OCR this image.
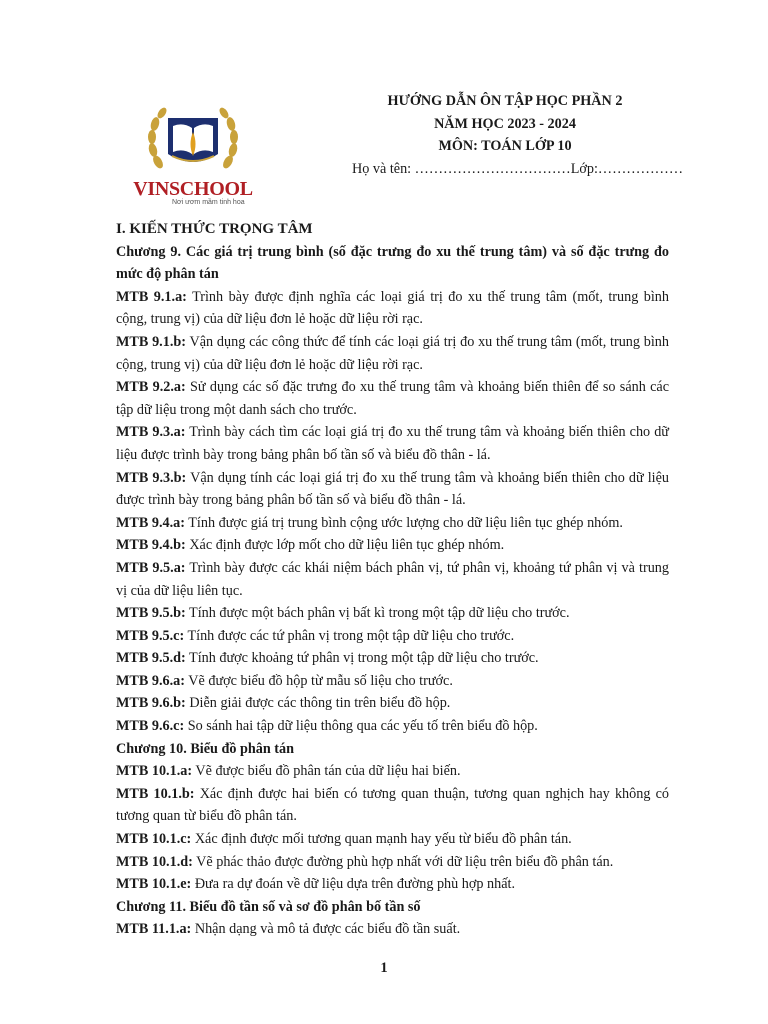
VINSCHOOL
Nơi ươm mầm tinh hoa
HƯỚNG DẪN ÔN TẬP HỌC PHẦN 2
NĂM HỌC 2023 - 2024
MÔN: TOÁN LỚP 10
Họ và tên: ……………………………Lớp:………………

I. KIẾN THỨC TRỌNG TÂM

Chương 9. Các giá trị trung bình (số đặc trưng đo xu thế trung tâm) và số đặc trưng đo mức độ phân tán

MTB 9.1.a: Trình bày được định nghĩa các loại giá trị đo xu thế trung tâm (mốt, trung bình cộng, trung vị) của dữ liệu đơn lẻ hoặc dữ liệu rời rạc.

MTB 9.1.b: Vận dụng các công thức để tính các loại giá trị đo xu thế trung tâm (mốt, trung bình cộng, trung vị) của dữ liệu đơn lẻ hoặc dữ liệu rời rạc.

MTB 9.2.a: Sử dụng các số đặc trưng đo xu thế trung tâm và khoảng biến thiên để so sánh các tập dữ liệu trong một danh sách cho trước.

MTB 9.3.a: Trình bày cách tìm các loại giá trị đo xu thế trung tâm và khoảng biến thiên cho dữ liệu được trình bày trong bảng phân bố tần số và biểu đồ thân - lá.

MTB 9.3.b: Vận dụng tính các loại giá trị đo xu thế trung tâm và khoảng biến thiên cho dữ liệu được trình bày trong bảng phân bố tần số và biểu đồ thân - lá.

MTB 9.4.a: Tính được giá trị trung bình cộng ước lượng cho dữ liệu liên tục ghép nhóm.

MTB 9.4.b: Xác định được lớp mốt cho dữ liệu liên tục ghép nhóm.

MTB 9.5.a: Trình bày được các khái niệm bách phân vị, tứ phân vị, khoảng tứ phân vị và trung vị của dữ liệu liên tục.

MTB 9.5.b: Tính được một bách phân vị bất kì trong một tập dữ liệu cho trước.

MTB 9.5.c: Tính được các tứ phân vị trong một tập dữ liệu cho trước.

MTB 9.5.d: Tính được khoảng tứ phân vị trong một tập dữ liệu cho trước.

MTB 9.6.a: Vẽ được biểu đồ hộp từ mẫu số liệu cho trước.

MTB 9.6.b: Diễn giải được các thông tin trên biểu đồ hộp.

MTB 9.6.c: So sánh hai tập dữ liệu thông qua các yếu tố trên biểu đồ hộp.

Chương 10. Biểu đồ phân tán

MTB 10.1.a: Vẽ được biểu đồ phân tán của dữ liệu hai biến.

MTB 10.1.b: Xác định được hai biến có tương quan thuận, tương quan nghịch hay không có tương quan từ biểu đồ phân tán.

MTB 10.1.c: Xác định được mối tương quan mạnh hay yếu từ biểu đồ phân tán.

MTB 10.1.d: Vẽ phác thảo được đường phù hợp nhất với dữ liệu trên biểu đồ phân tán.

MTB 10.1.e: Đưa ra dự đoán về dữ liệu dựa trên đường phù hợp nhất.

Chương 11. Biểu đồ tần số và sơ đồ phân bố tần số

MTB 11.1.a: Nhận dạng và mô tả được các biểu đồ tần suất.

1
